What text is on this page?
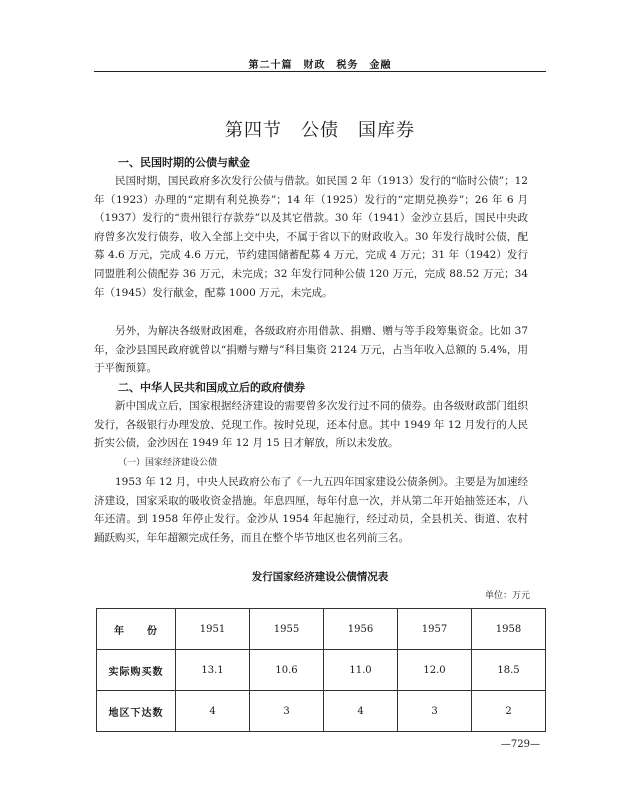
第二十篇　财政　税务　金融
第四节　公债　国库券
一、民国时期的公债与献金

民国时期，国民政府多次发行公债与借款。如民国 2 年（1913）发行的“临时公债”；12 年（1923）办理的“定期有利兑换券”；14 年（1925）发行的“定期兑换券”；26 年 6 月（1937）发行的“贵州银行存款券”以及其它借款。30 年（1941）金沙立县后，国民中央政府曾多次发行债券，收入全部上交中央，不属于省以下的财政收入。30 年发行战时公债，配募 4.6 万元，完成 4.6 万元，节约建国储蓄配募 4 万元，完成 4 万元；31 年（1942）发行同盟胜利公债配券 36 万元，未完成；32 年发行同种公债 120 万元，完成 88.52 万元；34 年（1945）发行献金，配募 1000 万元，未完成。

另外，为解决各级财政困难，各级政府亦用借款、捐赠、赠与等手段筹集资金。比如 37 年，金沙县国民政府就曾以“捐赠与赠与”科目集资 2124 万元，占当年收入总额的 5.4%，用于平衡预算。

二、中华人民共和国成立后的政府债券

新中国成立后，国家根据经济建设的需要曾多次发行过不同的债券。由各级财政部门组织发行，各级银行办理发放、兑现工作。按时兑现，还本付息。其中 1949 年 12 月发行的人民折实公债，金沙因在 1949 年 12 月 15 日才解放，所以未发放。

（一）国家经济建设公债

1953 年 12 月，中央人民政府公布了《一九五四年国家建设公债条例》。主要是为加速经济建设，国家采取的吸收资金措施。年息四厘，每年付息一次，并从第二年开始抽签还本，八年还清。到 1958 年停止发行。金沙从 1954 年起施行，经过动员，全县机关、街道、农村踊跃购买，年年超额完成任务，而且在整个毕节地区也名列前三名。

发行国家经济建设公债情况表
单位：万元
年　　份	1951	1955	1956	1957	1958
实际购买数	13.1	10.6	11.0	12.0	18.5
地区下达数	4	3	4	3	2
—729—
